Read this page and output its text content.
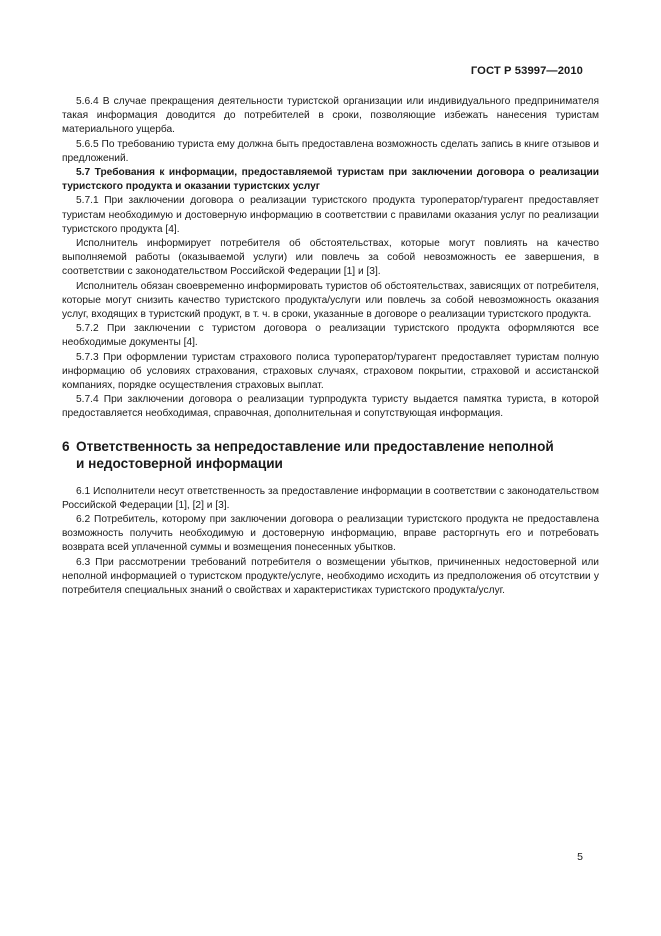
ГОСТ Р 53997—2010

5.6.4 В случае прекращения деятельности туристской организации или индивидуального предпринимателя такая информация доводится до потребителей в сроки, позволяющие избежать нанесения туристам материального ущерба.

5.6.5 По требованию туриста ему должна быть предоставлена возможность сделать запись в книге отзывов и предложений.

5.7 Требования к информации, предоставляемой туристам при заключении договора о реализации туристского продукта и оказании туристских услуг

5.7.1 При заключении договора о реализации туристского продукта туроператор/турагент предоставляет туристам необходимую и достоверную информацию в соответствии с правилами оказания услуг по реализации туристского продукта [4].

Исполнитель информирует потребителя об обстоятельствах, которые могут повлиять на качество выполняемой работы (оказываемой услуги) или повлечь за собой невозможность ее завершения, в соответствии с законодательством Российской Федерации [1] и [3].

Исполнитель обязан своевременно информировать туристов об обстоятельствах, зависящих от потребителя, которые могут снизить качество туристского продукта/услуги или повлечь за собой невозможность оказания услуг, входящих в туристский продукт, в т. ч. в сроки, указанные в договоре о реализации туристского продукта.

5.7.2 При заключении с туристом договора о реализации туристского продукта оформляются все необходимые документы [4].

5.7.3 При оформлении туристам страхового полиса туроператор/турагент предоставляет туристам полную информацию об условиях страхования, страховых случаях, страховом покрытии, страховой и ассистанской компаниях, порядке осуществления страховых выплат.

5.7.4 При заключении договора о реализации турпродукта туристу выдается памятка туриста, в которой предоставляется необходимая, справочная, дополнительная и сопутствующая информация.

6 Ответственность за непредоставление или предоставление неполной
и недостоверной информации

6.1 Исполнители несут ответственность за предоставление информации в соответствии с законодательством Российской Федерации [1], [2] и [3].

6.2 Потребитель, которому при заключении договора о реализации туристского продукта не предоставлена возможность получить необходимую и достоверную информацию, вправе расторгнуть его и потребовать возврата всей уплаченной суммы и возмещения понесенных убытков.

6.3 При рассмотрении требований потребителя о возмещении убытков, причиненных недостоверной или неполной информацией о туристском продукте/услуге, необходимо исходить из предположения об отсутствии у потребителя специальных знаний о свойствах и характеристиках туристского продукта/услуг.

5
